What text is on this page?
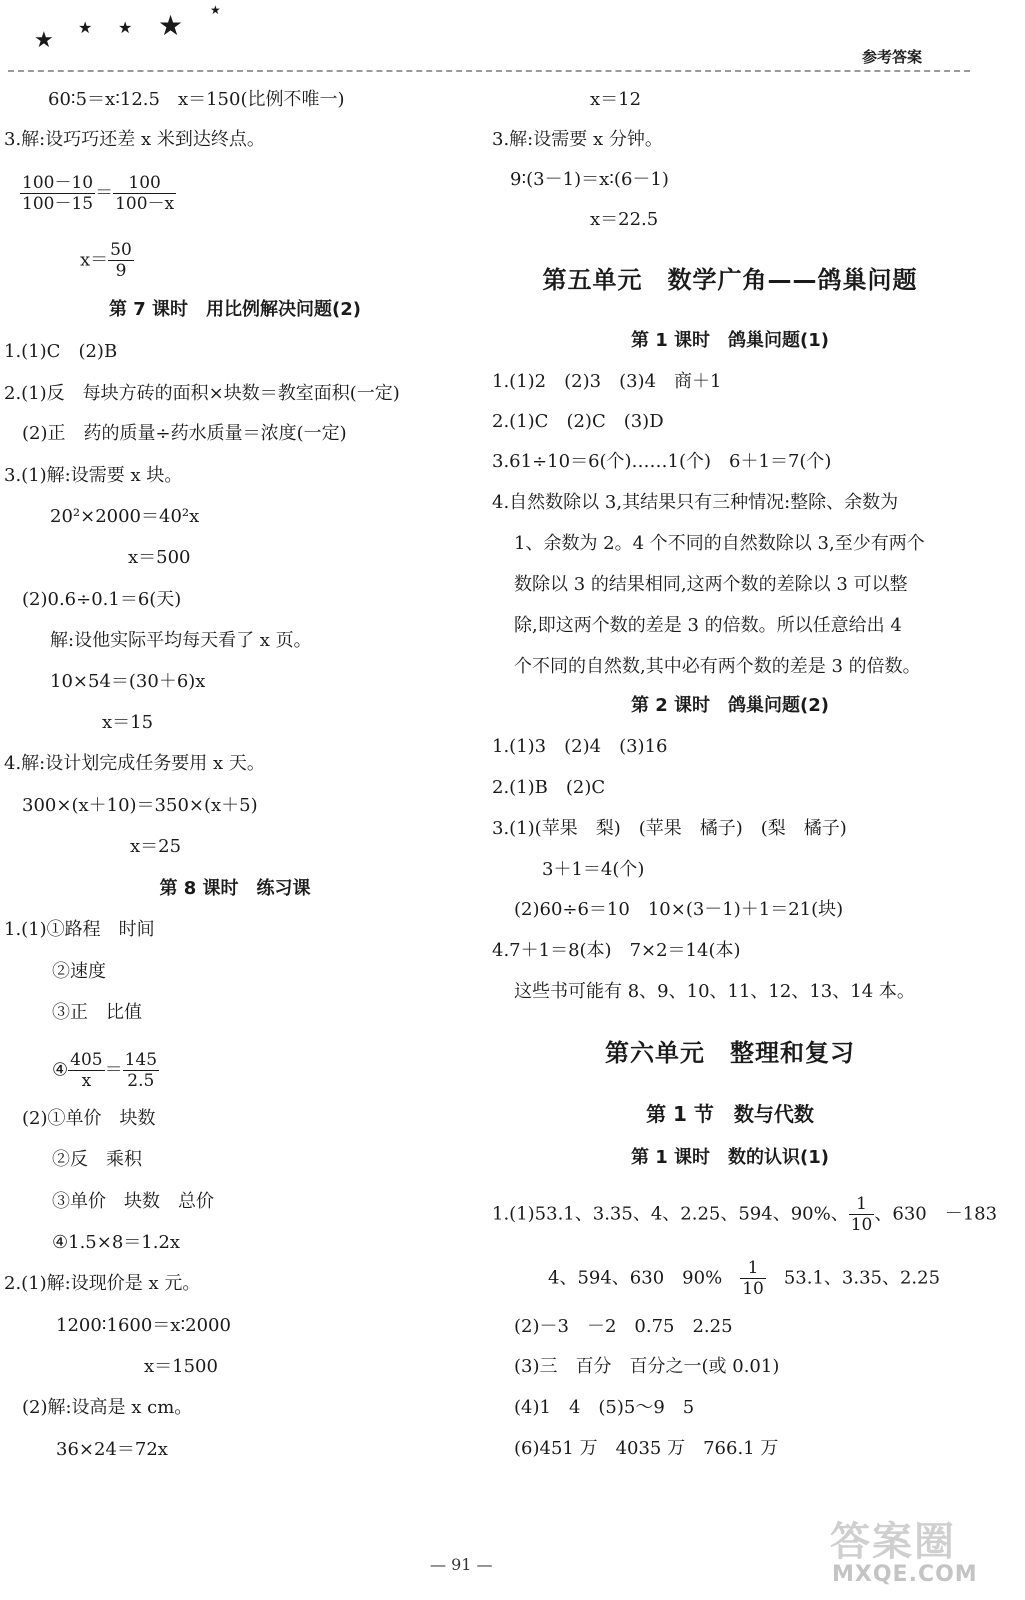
★
★ ★ ★ ★
参考答案
60∶5＝x∶12.5　x＝150(比例不唯一)
3.解:设巧巧还差 x 米到达终点。
$\frac{100-10}{100-15} = \frac{100}{100-x}$
$x= \frac{50}{9}$
第 7 课时　用比例解决问题(2)
1.(1)C　(2)B
2.(1)反　每块方砖的面积×块数＝教室面积(一定)
(2)正　药的质量÷药水质量＝浓度(一定)
3.(1)解:设需要 x 块。
20²×2000＝40²x
x＝500
(2)0.6÷0.1＝6(天)
解:设他实际平均每天看了 x 页。
10×54＝(30＋6)x
x＝15
4.解:设计划完成任务要用 x 天。
300×(x＋10)＝350×(x＋5)
x＝25
第 8 课时　练习课
1.(1)①路程　时间
②速度
③正　比值
④ $\frac{405}{x} = \frac{145}{2.5}$
(2)①单价　块数
②反　乘积
③单价　块数　总价
④1.5×8＝1.2x
2.(1)解:设现价是 x 元。
1200∶1600＝x∶2000
x＝1500
(2)解:设高是 x cm。
36×24＝72x
x＝12
3.解:设需要 x 分钟。
9∶(3－1)＝x∶(6－1)
x＝22.5
第五单元　数学广角——鸽巢问题
第 1 课时　鸽巢问题(1)
1.(1)2　(2)3　(3)4　商＋1
2.(1)C　(2)C　(3)D
3.61÷10＝6(个)……1(个)　6＋1＝7(个)
4.自然数除以 3,其结果只有三种情况:整除、余数为
1、余数为 2。4 个不同的自然数除以 3,至少有两个
数除以 3 的结果相同,这两个数的差除以 3 可以整
除,即这两个数的差是 3 的倍数。所以任意给出 4
个不同的自然数,其中必有两个数的差是 3 的倍数。
第 2 课时　鸽巢问题(2)
1.(1)3　(2)4　(3)16
2.(1)B　(2)C
3.(1)(苹果　梨)　(苹果　橘子)　(梨　橘子)
3＋1＝4(个)
(2)60÷6＝10　10×(3－1)＋1＝21(块)
4.7＋1＝8(本)　7×2＝14(本)
这些书可能有 8、9、10、11、12、13、14 本。
第六单元　整理和复习
第 1 节　数与代数
第 1 课时　数的认识(1)
1.(1)53.1、3.35、4、2.25、594、90%、 $\frac{1}{10}$ 、630　－183
4、594、630　90%　 $\frac{1}{10}$ 　53.1、3.35、2.25
(2)－3　－2　0.75　2.25
(3)三　百分　百分之一(或 0.01)
(4)1　4　(5)5～9　5
(6)451 万　4035 万　766.1 万
— 91 —	答案圈
MXQE.COM
